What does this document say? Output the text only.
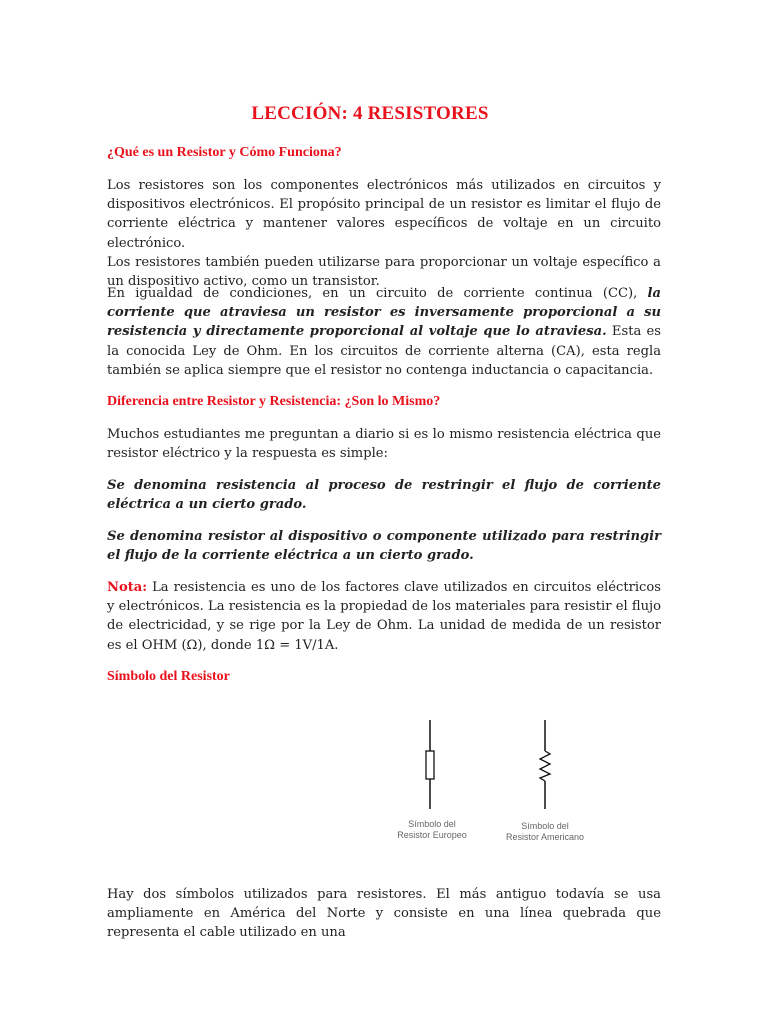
LECCIÓN: 4 RESISTORES

¿Qué es un Resistor y Cómo Funciona?

Los resistores son los componentes electrónicos más utilizados en circuitos y dispositivos electrónicos. El propósito principal de un resistor es limitar el flujo de corriente eléctrica y mantener valores específicos de voltaje en un circuito electrónico.
Los resistores también pueden utilizarse para proporcionar un voltaje específico a un dispositivo activo, como un transistor.

En igualdad de condiciones, en un circuito de corriente continua (CC), la corriente que atraviesa un resistor es inversamente proporcional a su resistencia y directamente proporcional al voltaje que lo atraviesa. Esta es la conocida Ley de Ohm. En los circuitos de corriente alterna (CA), esta regla también se aplica siempre que el resistor no contenga inductancia o capacitancia.

Diferencia entre Resistor y Resistencia: ¿Son lo Mismo?

Muchos estudiantes me preguntan a diario si es lo mismo resistencia eléctrica que resistor eléctrico y la respuesta es simple:

Se denomina resistencia al proceso de restringir el flujo de corriente eléctrica a un cierto grado.

Se denomina resistor al dispositivo o componente utilizado para restringir el flujo de la corriente eléctrica a un cierto grado.

Nota: La resistencia es uno de los factores clave utilizados en circuitos eléctricos y electrónicos. La resistencia es la propiedad de los materiales para resistir el flujo de electricidad, y se rige por la Ley de Ohm. La unidad de medida de un resistor es el OHM (Ω), donde 1Ω = 1V/1A.

Símbolo del Resistor

Símbolo del
Resistor Europeo
Símbolo del
Resistor Americano

Hay dos símbolos utilizados para resistores. El más antiguo todavía se usa ampliamente en América del Norte y consiste en una línea quebrada que representa el cable utilizado en una
